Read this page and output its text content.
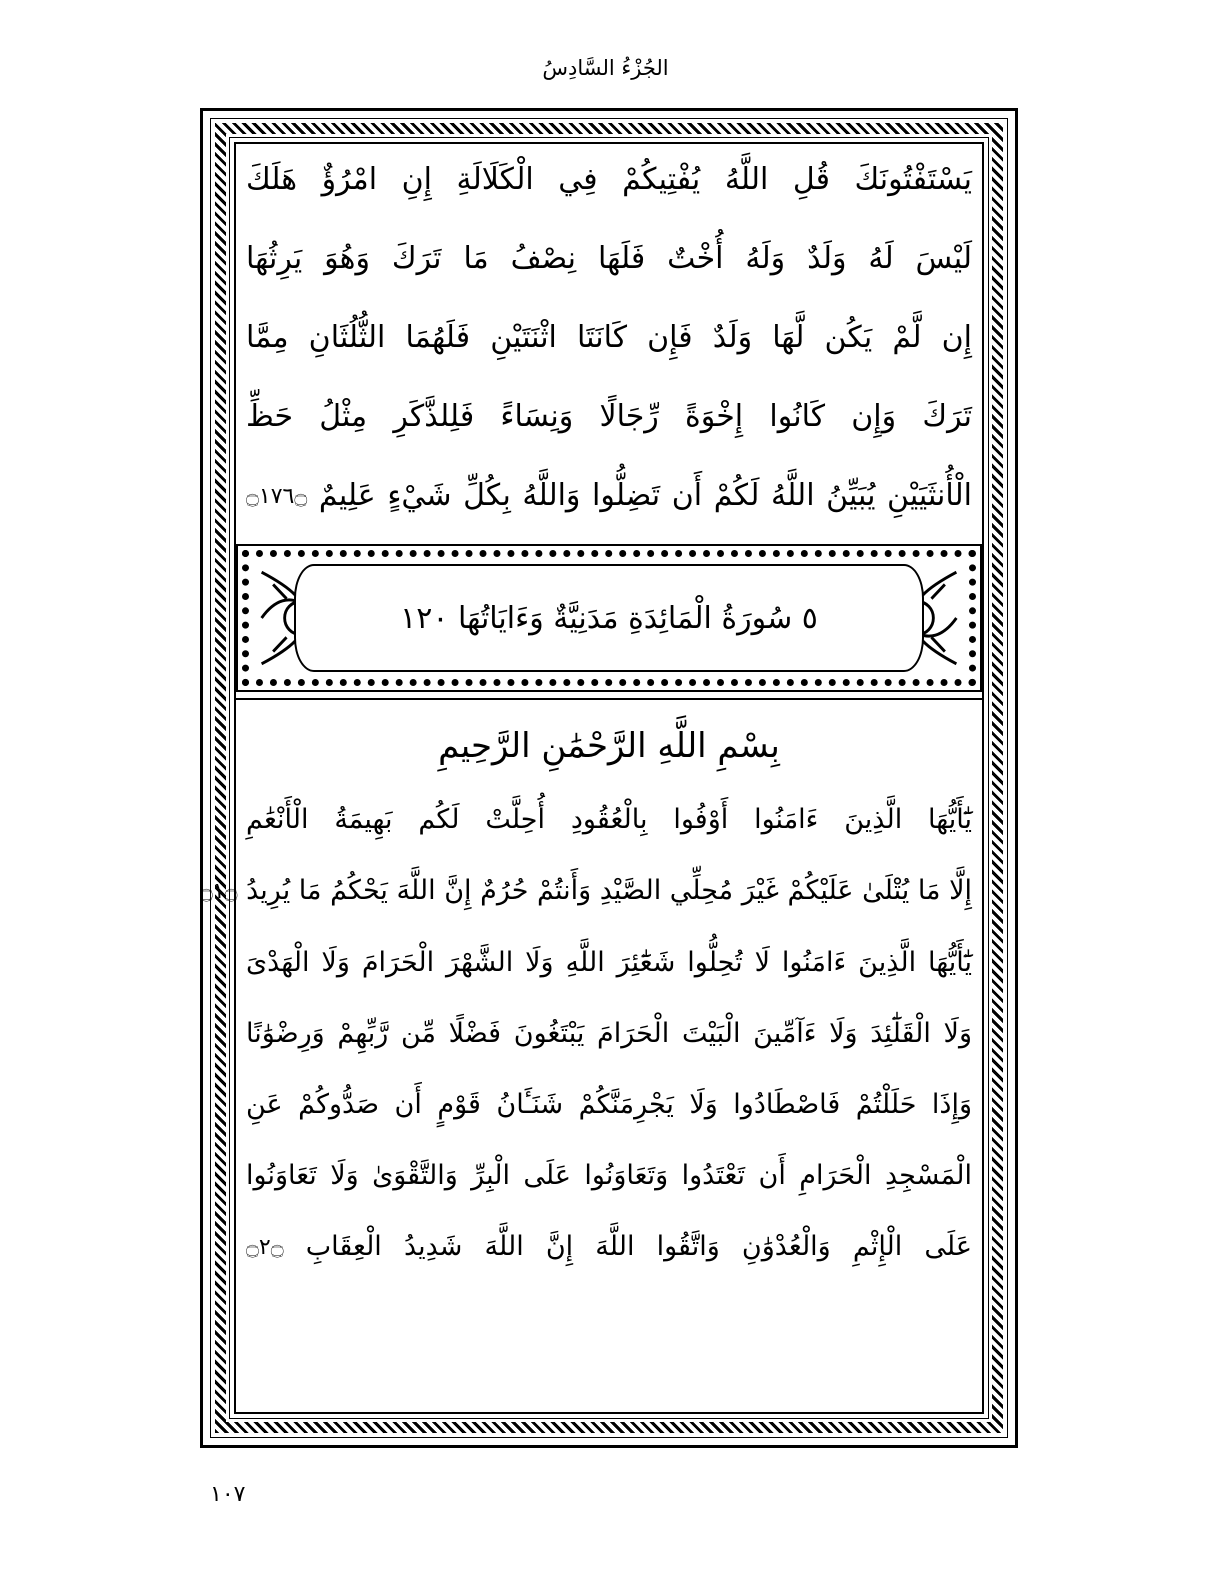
الجُزْءُ السَّادِسُ
يَسْتَفْتُونَكَ قُلِ اللَّهُ يُفْتِيكُمْ فِي الْكَلَالَةِ إِنِ امْرُؤٌ هَلَكَ
لَيْسَ لَهُ وَلَدٌ وَلَهُ أُخْتٌ فَلَهَا نِصْفُ مَا تَرَكَ وَهُوَ يَرِثُهَا
إِن لَّمْ يَكُن لَّهَا وَلَدٌ فَإِن كَانَتَا اثْنَتَيْنِ فَلَهُمَا الثُّلُثَانِ مِمَّا
تَرَكَ وَإِن كَانُوا إِخْوَةً رِّجَالًا وَنِسَاءً فَلِلذَّكَرِ مِثْلُ حَظِّ
الْأُنثَيَيْنِ يُبَيِّنُ اللَّهُ لَكُمْ أَن تَضِلُّوا وَاللَّهُ بِكُلِّ شَيْءٍ عَلِيمٌ ۝١٧٦۝
٥ سُورَةُ الْمَائِدَةِ مَدَنِيَّةٌ وَءَايَاتُهَا ١٢٠
بِسْمِ اللَّهِ الرَّحْمَٰنِ الرَّحِيمِ
يَٰٓأَيُّهَا الَّذِينَ ءَامَنُوا أَوْفُوا بِالْعُقُودِ أُحِلَّتْ لَكُم بَهِيمَةُ الْأَنْعَٰمِ
إِلَّا مَا يُتْلَىٰ عَلَيْكُمْ غَيْرَ مُحِلِّي الصَّيْدِ وَأَنتُمْ حُرُمٌ إِنَّ اللَّهَ يَحْكُمُ مَا يُرِيدُ ۝١۝
يَٰٓأَيُّهَا الَّذِينَ ءَامَنُوا لَا تُحِلُّوا شَعَٰٓئِرَ اللَّهِ وَلَا الشَّهْرَ الْحَرَامَ وَلَا الْهَدْىَ
وَلَا الْقَلَٰٓئِدَ وَلَا ءَآمِّينَ الْبَيْتَ الْحَرَامَ يَبْتَغُونَ فَضْلًا مِّن رَّبِّهِمْ وَرِضْوَٰنًا
وَإِذَا حَلَلْتُمْ فَاصْطَادُوا وَلَا يَجْرِمَنَّكُمْ شَنَـَٔانُ قَوْمٍ أَن صَدُّوكُمْ عَنِ
الْمَسْجِدِ الْحَرَامِ أَن تَعْتَدُوا وَتَعَاوَنُوا عَلَى الْبِرِّ وَالتَّقْوَىٰ وَلَا تَعَاوَنُوا
عَلَى الْإِثْمِ وَالْعُدْوَٰنِ وَاتَّقُوا اللَّهَ إِنَّ اللَّهَ شَدِيدُ الْعِقَابِ ۝٢۝
١٠٧
